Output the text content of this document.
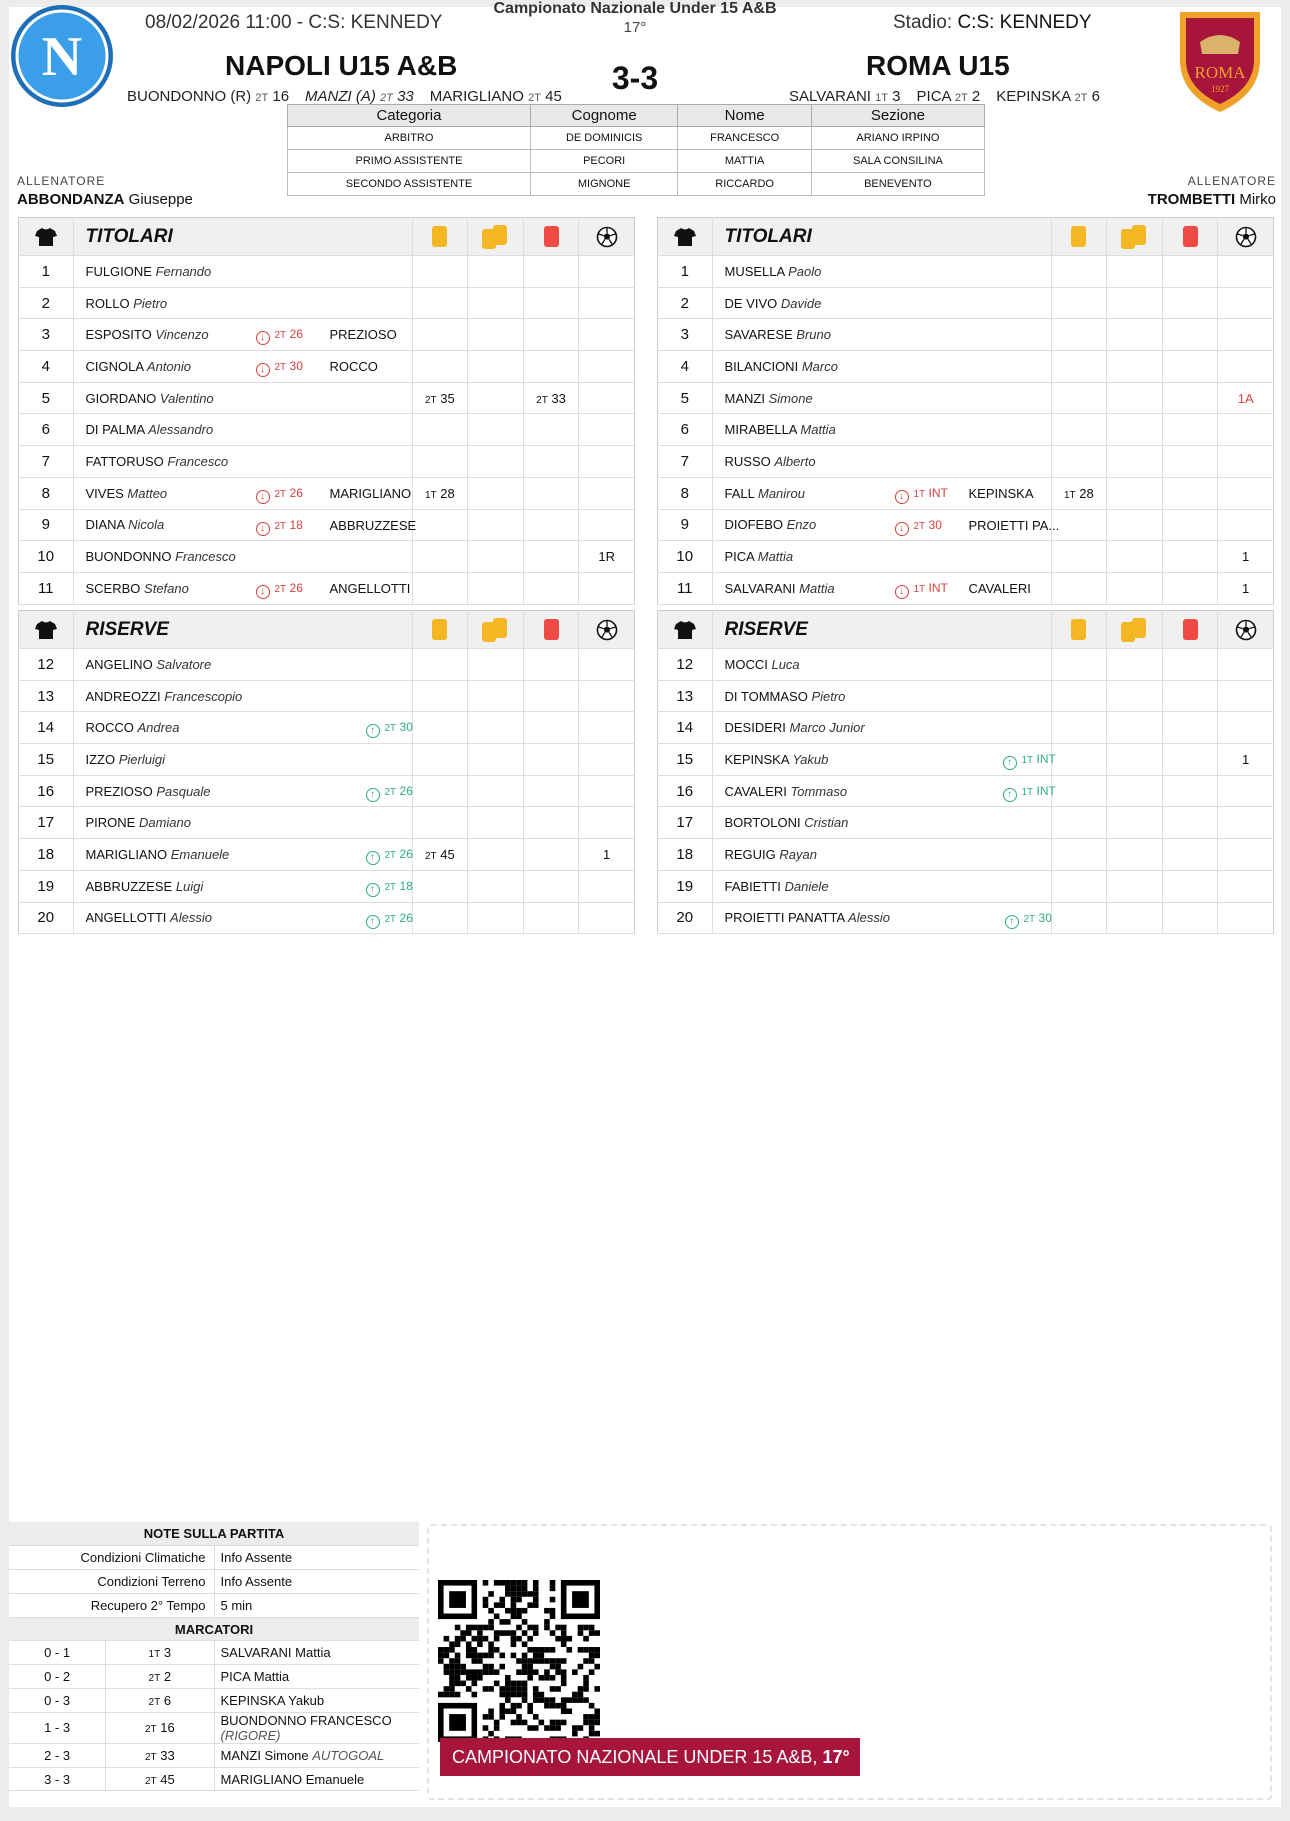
N	ROMA
1927
08/02/2026 11:00 - C:S: KENNEDY
Campionato Nazionale Under 15 A&B
17°	Stadio: C:S: KENNEDY
NAPOLI U15 A&B	3-3	ROMA U15
BUONDONNO (R) 2T 16 MANZI (A) 2T 33 MARIGLIANO 2T 45	SALVARANI 1T 3 PICA 2T 2 KEPINSKA 2T 6
Categoria	Cognome	Nome	Sezione
ARBITRO	DE DOMINICIS	FRANCESCO	ARIANO IRPINO
PRIMO ASSISTENTE	PECORI	MATTIA	SALA CONSILINA
SECONDO ASSISTENTE	MIGNONE	RICCARDO	BENEVENTO
ALLENATORE
ABBONDANZA Giuseppe
ALLENATORE
TROMBETTI Mirko
	TITOLARI		

1	FULGIONE Fernando				
2	ROLLO Pietro				
3	ESPOSITO Vincenzo ↓ 2T 26 PREZIOSO				

4	CIGNOLA Antonio ↓ 2T 30 ROCCO				

5	GIORDANO Valentino	2T 35		2T 33	
6	DI PALMA Alessandro				
7	FATTORUSO Francesco				
8	VIVES Matteo ↓ 2T 26 MARIGLIANO	1T 28			
9	DIANA Nicola ↓ 2T 18 ABBRUZZESE				

10	BUONDONNO Francesco				1R
11	SCERBO Stefano ↓ 2T 26 ANGELLOTTI				

	TITOLARI		

1	MUSELLA Paolo				
2	DE VIVO Davide				
3	SAVARESE Bruno				
4	BILANCIONI Marco				
5	MANZI Simone				1A
6	MIRABELLA Mattia				
7	RUSSO Alberto				
8	FALL Manirou ↓ 1T INT KEPINSKA	1T 28			
9	DIOFEBO Enzo ↓ 2T 30 PROIETTI PA...				

10	PICA Mattia				1
11	SALVARANI Mattia ↓ 1T INT CAVALERI				1
	RISERVE		

12	ANGELINO Salvatore				
13	ANDREOZZI Francescopio				
14	ROCCO Andrea ↑ 2T 30				

15	IZZO Pierluigi				
16	PREZIOSO Pasquale ↑ 2T 26				

17	PIRONE Damiano				
18	MARIGLIANO Emanuele ↑ 2T 26	2T 45			1
19	ABBRUZZESE Luigi ↑ 2T 18				

20	ANGELLOTTI Alessio ↑ 2T 26				

	RISERVE		

12	MOCCI Luca				
13	DI TOMMASO Pietro				
14	DESIDERI Marco Junior				
15	KEPINSKA Yakub ↑ 1T INT				1
16	CAVALERI Tommaso ↑ 1T INT				

17	BORTOLONI Cristian				
18	REGUIG Rayan				
19	FABIETTI Daniele				
20	PROIETTI PANATTA Alessio ↑ 2T 30				

NOTE SULLA PARTITA		
Condizioni Climatiche		Info Assente
Condizioni Terreno		Info Assente
Recupero 2° Tempo		5 min
MARCATORI		
0 - 1	1T 3	SALVARANI Mattia
0 - 2	2T 2	PICA Mattia
0 - 3	2T 6	KEPINSKA Yakub
1 - 3	2T 16	BUONDONNO FRANCESCO (RIGORE)
2 - 3	2T 33	MANZI Simone AUTOGOAL
3 - 3	2T 45	MARIGLIANO Emanuele
CAMPIONATO NAZIONALE UNDER 15 A&B, 17°
